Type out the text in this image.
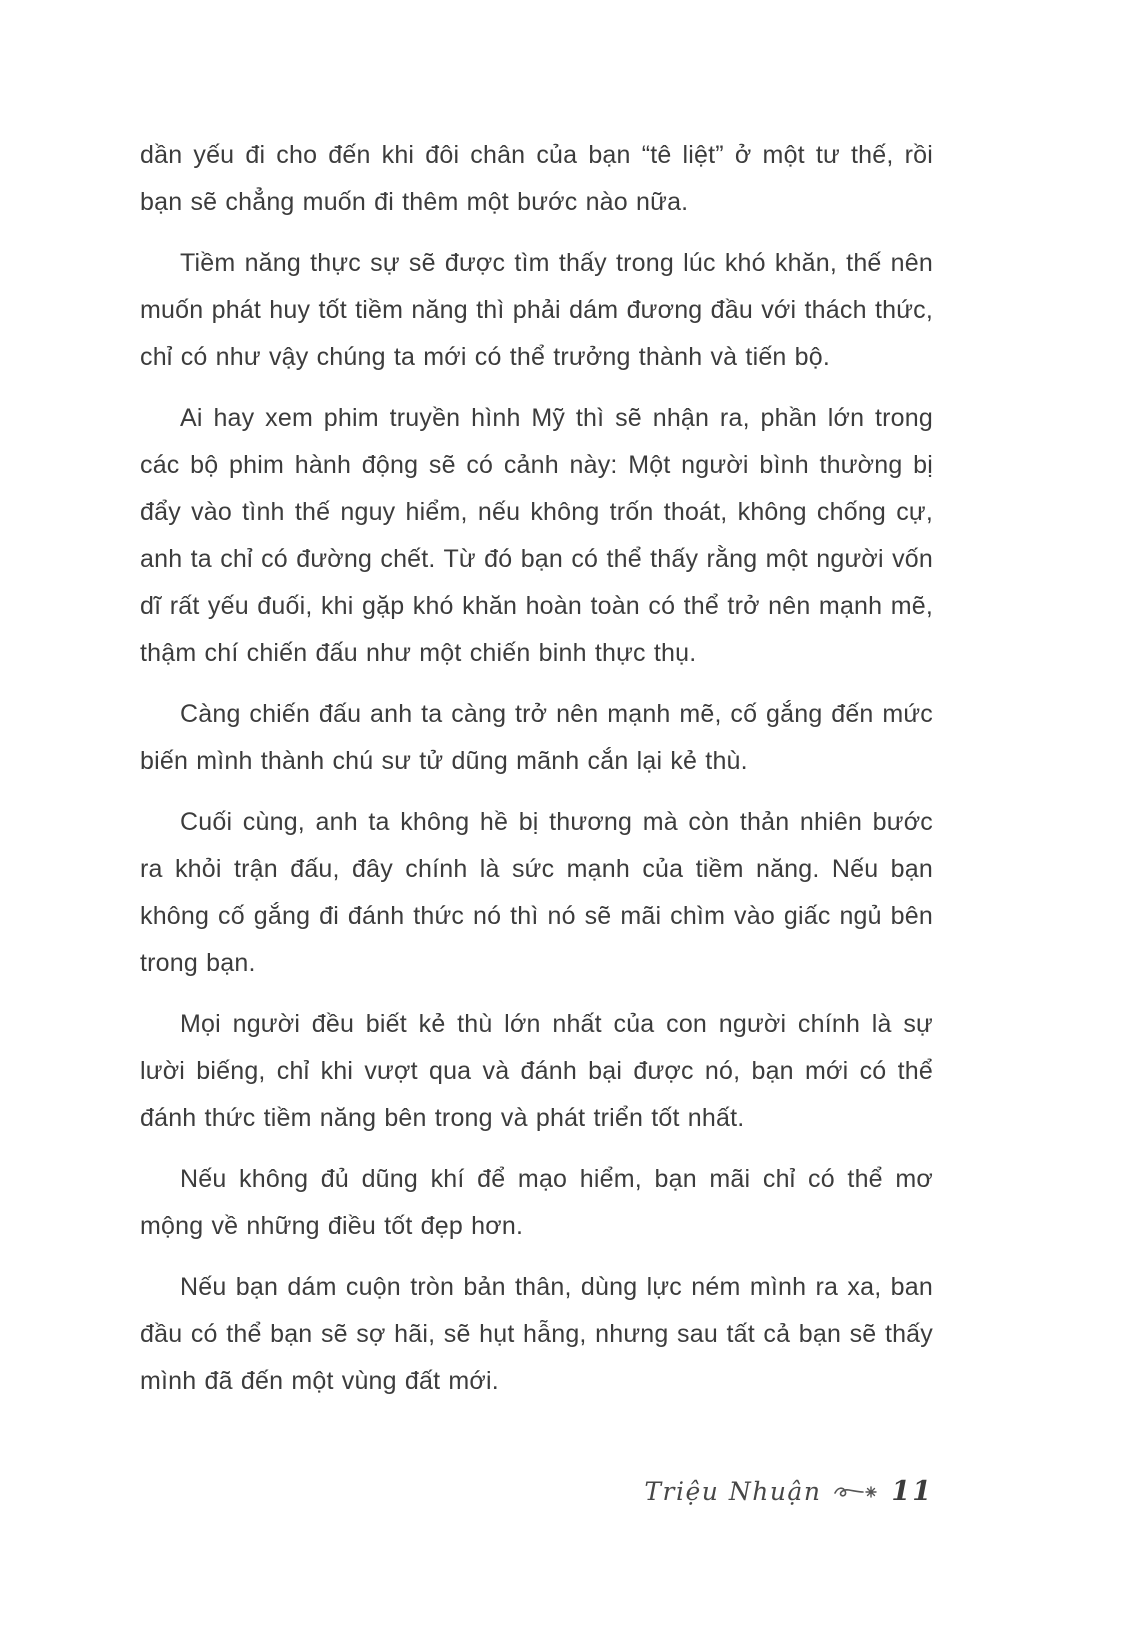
dần yếu đi cho đến khi đôi chân của bạn “tê liệt” ở một tư thế, rồi bạn sẽ chẳng muốn đi thêm một bước nào nữa.

Tiềm năng thực sự sẽ được tìm thấy trong lúc khó khăn, thế nên muốn phát huy tốt tiềm năng thì phải dám đương đầu với thách thức, chỉ có như vậy chúng ta mới có thể trưởng thành và tiến bộ.

Ai hay xem phim truyền hình Mỹ thì sẽ nhận ra, phần lớn trong các bộ phim hành động sẽ có cảnh này: Một người bình thường bị đẩy vào tình thế nguy hiểm, nếu không trốn thoát, không chống cự, anh ta chỉ có đường chết. Từ đó bạn có thể thấy rằng một người vốn dĩ rất yếu đuối, khi gặp khó khăn hoàn toàn có thể trở nên mạnh mẽ, thậm chí chiến đấu như một chiến binh thực thụ.

Càng chiến đấu anh ta càng trở nên mạnh mẽ, cố gắng đến mức biến mình thành chú sư tử dũng mãnh cắn lại kẻ thù.

Cuối cùng, anh ta không hề bị thương mà còn thản nhiên bước ra khỏi trận đấu, đây chính là sức mạnh của tiềm năng. Nếu bạn không cố gắng đi đánh thức nó thì nó sẽ mãi chìm vào giấc ngủ bên trong bạn.

Mọi người đều biết kẻ thù lớn nhất của con người chính là sự lười biếng, chỉ khi vượt qua và đánh bại được nó, bạn mới có thể đánh thức tiềm năng bên trong và phát triển tốt nhất.

Nếu không đủ dũng khí để mạo hiểm, bạn mãi chỉ có thể mơ mộng về những điều tốt đẹp hơn.

Nếu bạn dám cuộn tròn bản thân, dùng lực ném mình ra xa, ban đầu có thể bạn sẽ sợ hãi, sẽ hụt hẫng, nhưng sau tất cả bạn sẽ thấy mình đã đến một vùng đất mới.

Triệu Nhuận	11
